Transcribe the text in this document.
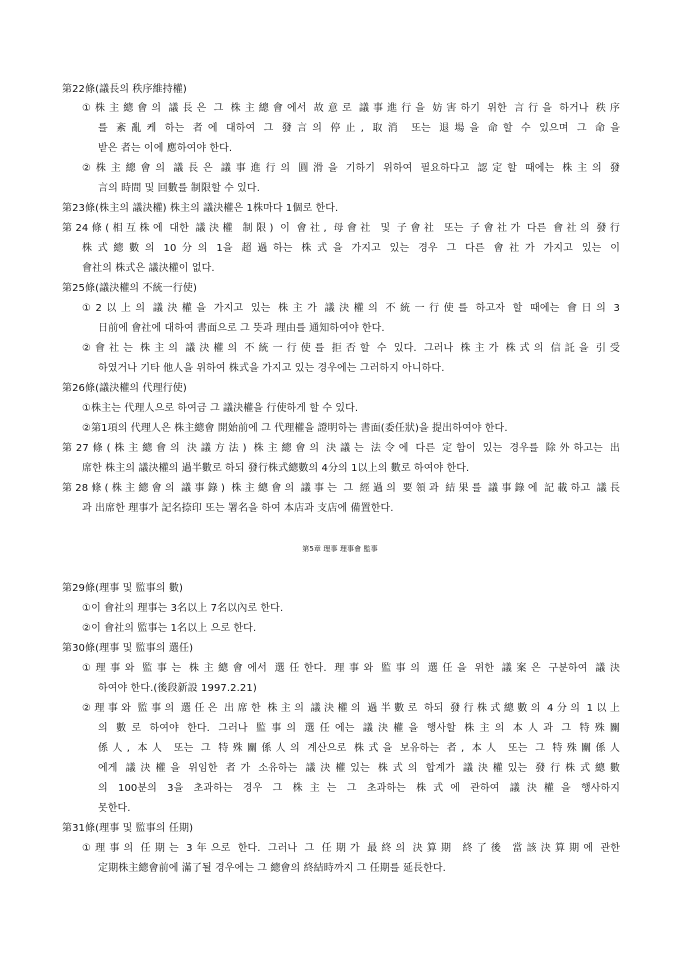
第22條(議長의 秩序維持權)
①株主總會의 議長은 그 株主總會에서 故意로 議事進行을 妨害하기 위한 言行을 하거나 秩序
를 紊亂케 하는 者에 대하여 그 發言의 停止, 取消 또는 退場을 命할 수 있으며 그 命을
받은 者는 이에 應하여야 한다.
②株主總會의 議長은 議事進行의 圓滑을 기하기 위하여 필요하다고 認定할 때에는 株主의 發
言의 時間 및 回數를 制限할 수 있다.
第23條(株主의 議決權) 株主의 議決權은 1株마다 1個로 한다.
第24條(相互株에 대한 議決權 制限) 이 會社, 母會社 및 子會社 또는 子會社가 다른 會社의 發行
株式總數의 10分의 1을 超過하는 株式을 가지고 있는 경우 그 다른 會社가 가지고 있는 이
會社의 株式은 議決權이 없다.
第25條(議決權의 不統一行使)
①2以上의 議決權을 가지고 있는 株主가 議決權의 不統一行使를 하고자 할 때에는 會日의 3
日前에 會社에 대하여 書面으로 그 뜻과 理由를 通知하여야 한다.
②會社는 株主의 議決權의 不統一行使를 拒否할 수 있다. 그러나 株主가 株式의 信託을 引受
하였거나 기타 他人을 위하여 株式을 가지고 있는 경우에는 그러하지 아니하다.
第26條(議決權의 代理行使)
①株主는 代理人으로 하여금 그 議決權을 行使하게 할 수 있다.
②第1項의 代理人은 株主總會 開始前에 그 代理權을 證明하는 書面(委任狀)을 提出하여야 한다.
第27條(株主總會의 決議方法) 株主總會의 決議는 法令에 다른 定함이 있는 경우를 除外하고는 出
席한 株主의 議決權의 過半數로 하되 發行株式總數의 4分의 1以上의 數로 하여야 한다.
第28條(株主總會의 議事錄) 株主總會의 議事는 그 經過의 要領과 結果를 議事錄에 記載하고 議長
과 出席한 理事가 記名捺印 또는 署名을 하여 本店과 支店에 備置한다.
第5章 理事 理事會 監事
第29條(理事 및 監事의 數)
①이 會社의 理事는 3名以上 7名以內로 한다.
②이 會社의 監事는 1名以上 으로 한다.
第30條(理事 및 監事의 選任)
①理事와 監事는 株主總會에서 選任한다. 理事와 監事의 選任을 위한 議案은 구분하여 議決
하여야 한다.(後段新設 1997.2.21)
②理事와 監事의 選任은 出席한 株主의 議決權의 過半數로 하되 發行株式總數의 4分의 1以上
의 數로 하여야 한다. 그러나 監事의 選任에는 議決權을 행사할 株主의 本人과 그 特殊關
係人, 本人 또는 그 特殊關係人의 계산으로 株式을 보유하는 者, 本人 또는 그 特殊關係人
에게 議決權을 위임한 者가 소유하는 議決權있는 株式의 합계가 議決權있는 發行株式總數
의 100분의 3을 초과하는 경우 그 株主는 그 초과하는 株式에 관하여 議決權을 행사하지
못한다.
第31條(理事 및 監事의 任期)
①理事의 任期는 3年으로 한다. 그러나 그 任期가 最終의 決算期 終了後 當該決算期에 관한
定期株主總會前에 滿了될 경우에는 그 總會의 終結時까지 그 任期를 延長한다.
